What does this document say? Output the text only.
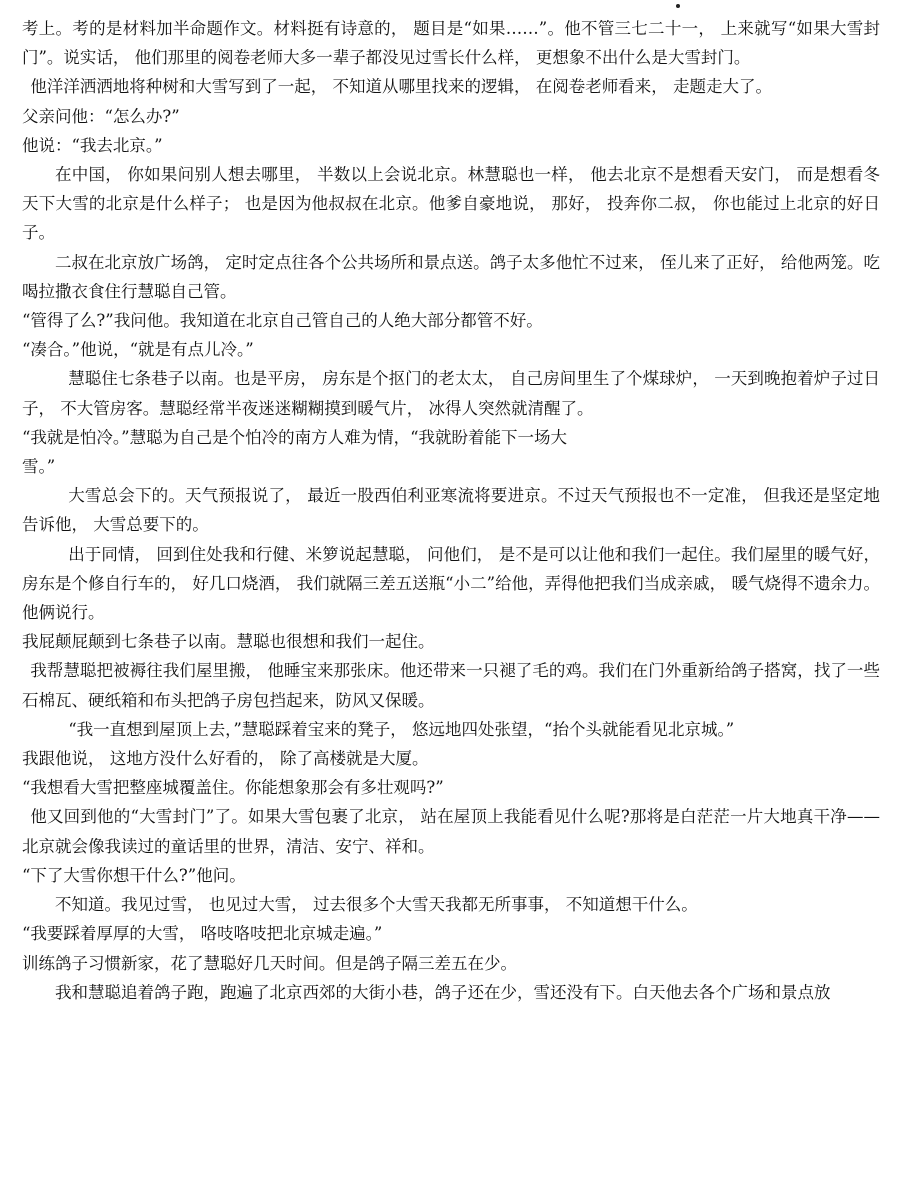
考上。考的是材料加半命题作文。材料挺有诗意的， 题目是“如果……”。他不管三七二十一， 上来就写“如果大雪封门”。说实话， 他们那里的阅卷老师大多一辈子都没见过雪长什么样， 更想象不出什么是大雪封门。

他洋洋洒洒地将种树和大雪写到了一起， 不知道从哪里找来的逻辑， 在阅卷老师看来， 走题走大了。

父亲问他：“怎么办?”

他说：“我去北京。”

在中国， 你如果问别人想去哪里， 半数以上会说北京。林慧聪也一样， 他去北京不是想看天安门， 而是想看冬天下大雪的北京是什么样子； 也是因为他叔叔在北京。他爹自豪地说， 那好， 投奔你二叔， 你也能过上北京的好日子。

二叔在北京放广场鸽， 定时定点往各个公共场所和景点送。鸽子太多他忙不过来， 侄儿来了正好， 给他两笼。吃喝拉撒衣食住行慧聪自己管。

“管得了么?”我问他。我知道在北京自己管自己的人绝大部分都管不好。

“凑合。”他说，“就是有点儿冷。”

慧聪住七条巷子以南。也是平房， 房东是个抠门的老太太， 自己房间里生了个煤球炉， 一天到晚抱着炉子过日子， 不大管房客。慧聪经常半夜迷迷糊糊摸到暖气片， 冰得人突然就清醒了。

“我就是怕冷。”慧聪为自己是个怕冷的南方人难为情，“我就盼着能下一场大

雪。”

大雪总会下的。天气预报说了， 最近一股西伯利亚寒流将要进京。不过天气预报也不一定准， 但我还是坚定地告诉他， 大雪总要下的。

出于同情， 回到住处我和行健、米箩说起慧聪， 问他们， 是不是可以让他和我们一起住。我们屋里的暖气好， 房东是个修自行车的， 好几口烧酒， 我们就隔三差五送瓶“小二”给他，弄得他把我们当成亲戚， 暖气烧得不遗余力。他俩说行。

我屁颠屁颠到七条巷子以南。慧聪也很想和我们一起住。

我帮慧聪把被褥往我们屋里搬， 他睡宝来那张床。他还带来一只褪了毛的鸡。我们在门外重新给鸽子搭窝，找了一些石棉瓦、硬纸箱和布头把鸽子房包挡起来，防风又保暖。

“我一直想到屋顶上去，”慧聪踩着宝来的凳子， 悠远地四处张望，“抬个头就能看见北京城。”

我跟他说， 这地方没什么好看的， 除了高楼就是大厦。

“我想看大雪把整座城覆盖住。你能想象那会有多壮观吗?”

他又回到他的“大雪封门”了。如果大雪包裹了北京， 站在屋顶上我能看见什么呢?那将是白茫茫一片大地真干净——北京就会像我读过的童话里的世界，清洁、安宁、祥和。

“下了大雪你想干什么?”他问。

不知道。我见过雪， 也见过大雪， 过去很多个大雪天我都无所事事， 不知道想干什么。

“我要踩着厚厚的大雪， 咯吱咯吱把北京城走遍。”

训练鸽子习惯新家，花了慧聪好几天时间。但是鸽子隔三差五在少。

我和慧聪追着鸽子跑，跑遍了北京西郊的大街小巷，鸽子还在少，雪还没有下。白天他去各个广场和景点放
